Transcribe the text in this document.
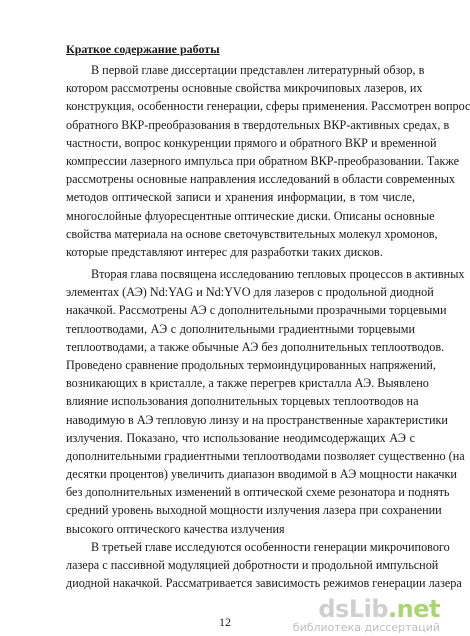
Краткое содержание работы
В первой главе диссертации представлен литературный обзор, в
котором рассмотрены основные свойства микрочиповых лазеров, их
конструкция, особенности генерации, сферы применения. Рассмотрен вопрос
обратного ВКР-преобразования в твердотельных ВКР-активных средах, в
частности, вопрос конкуренции прямого и обратного ВКР и временной
компрессии лазерного импульса при обратном ВКР-преобразовании. Также
рассмотрены основные направления исследований в области современных
методов оптической записи и хранения информации, в том числе,
многослойные флуоресцентные оптические диски. Описаны основные
свойства материала на основе светочувствительных молекул хромонов,
которые представляют интерес для разработки таких дисков.
Вторая глава посвящена исследованию тепловых процессов в активных
элементах (АЭ) Nd:YAG и Nd:YVO для лазеров с продольной диодной
накачкой. Рассмотрены АЭ с дополнительными прозрачными торцевыми
теплоотводами, АЭ с дополнительными градиентными торцевыми
теплоотводами, а также обычные АЭ без дополнительных теплоотводов.
Проведено сравнение продольных термоиндуцированных напряжений,
возникающих в кристалле, а также перегрев кристалла АЭ. Выявлено
влияние использования дополнительных торцевых теплоотводов на
наводимую в АЭ тепловую линзу и на пространственные характеристики
излучения. Показано, что использование неодимсодержащих АЭ с
дополнительными градиентными теплоотводами позволяет существенно (на
десятки процентов) увеличить диапазон вводимой в АЭ мощности накачки
без дополнительных изменений в оптической схеме резонатора и поднять
средний уровень выходной мощности излучения лазера при сохранении
высокого оптического качества излучения
В третьей главе исследуются особенности генерации микрочипового
лазера с пассивной модуляцией добротности и продольной импульсной
диодной накачкой. Рассматривается зависимость режимов генерации лазера
12	dsLib.net
библиотека диссертаций
